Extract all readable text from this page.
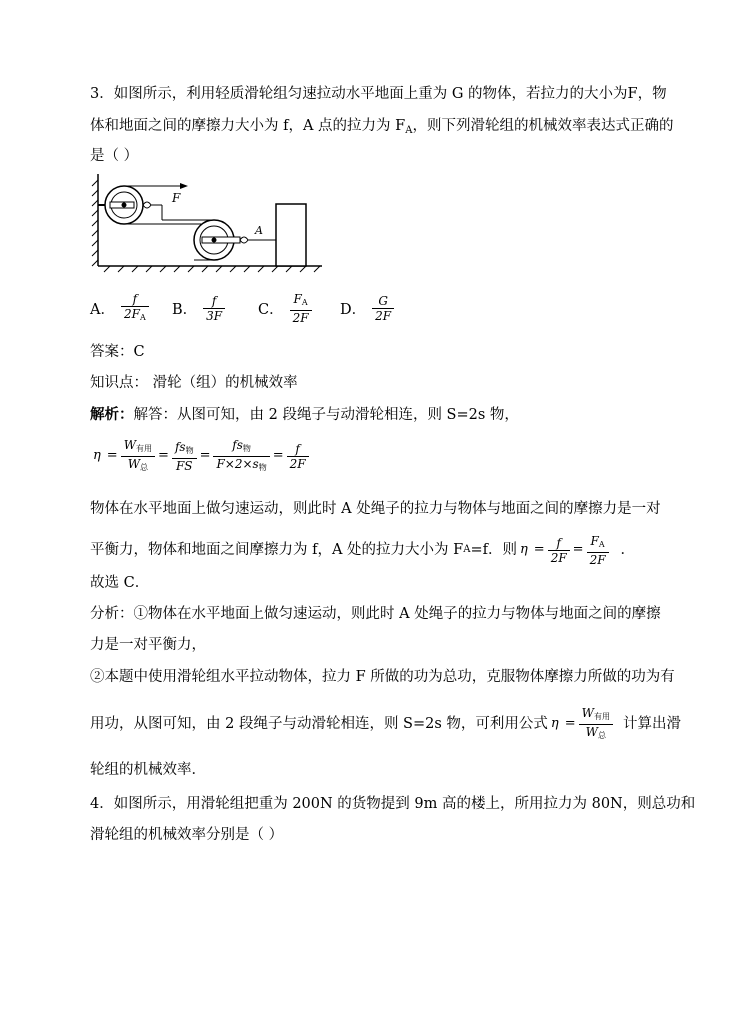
3．如图所示，利用轻质滑轮组匀速拉动水平地面上重为 G 的物体，若拉力的大小为F，物
体和地面之间的摩擦力大小为 f，A 点的拉力为 $F_A$，则下列滑轮组的机械效率表达式正确的
是（ ）
F
A
A． $\frac{f}{2FA}$ B． $\frac{f}{3F}$ C． $\frac{FA}{2F}$ D． $\frac{G}{2F}$
答案：C
知识点： 滑轮（组）的机械效率
解析：解答：从图可知，由 2 段绳子与动滑轮相连，则 S=2s 物，
$\eta = \frac{\text{W有用}}{\text{W总}} = \frac{\text{fs物}}{FS} = \frac{\text{fs物}}{\text{F×2×s物}} = \frac{f}{2F}$
物体在水平地面上做匀速运动，则此时 A 处绳子的拉力与物体与地面之间的摩擦力是一对
平衡力，物体和地面之间摩擦力为 f，A 处的拉力大小为 F A =f．则 $\eta = \frac{f}{2F} = \frac{FA}{2F}$ ．
故选 C．
分析：①物体在水平地面上做匀速运动，则此时 A 处绳子的拉力与物体与地面之间的摩擦
力是一对平衡力，
②本题中使用滑轮组水平拉动物体，拉力 F 所做的功为总功，克服物体摩擦力所做的功为有
用功，从图可知，由 2 段绳子与动滑轮相连，则 S=2s 物，可利用公式 $\eta = \frac{\text{W有用}}{\text{W总}}$ 计算出滑
轮组的机械效率．
4．如图所示，用滑轮组把重为 200N 的货物提到 9m 高的楼上，所用拉力为 80N，则总功和
滑轮组的机械效率分别是（ ）
